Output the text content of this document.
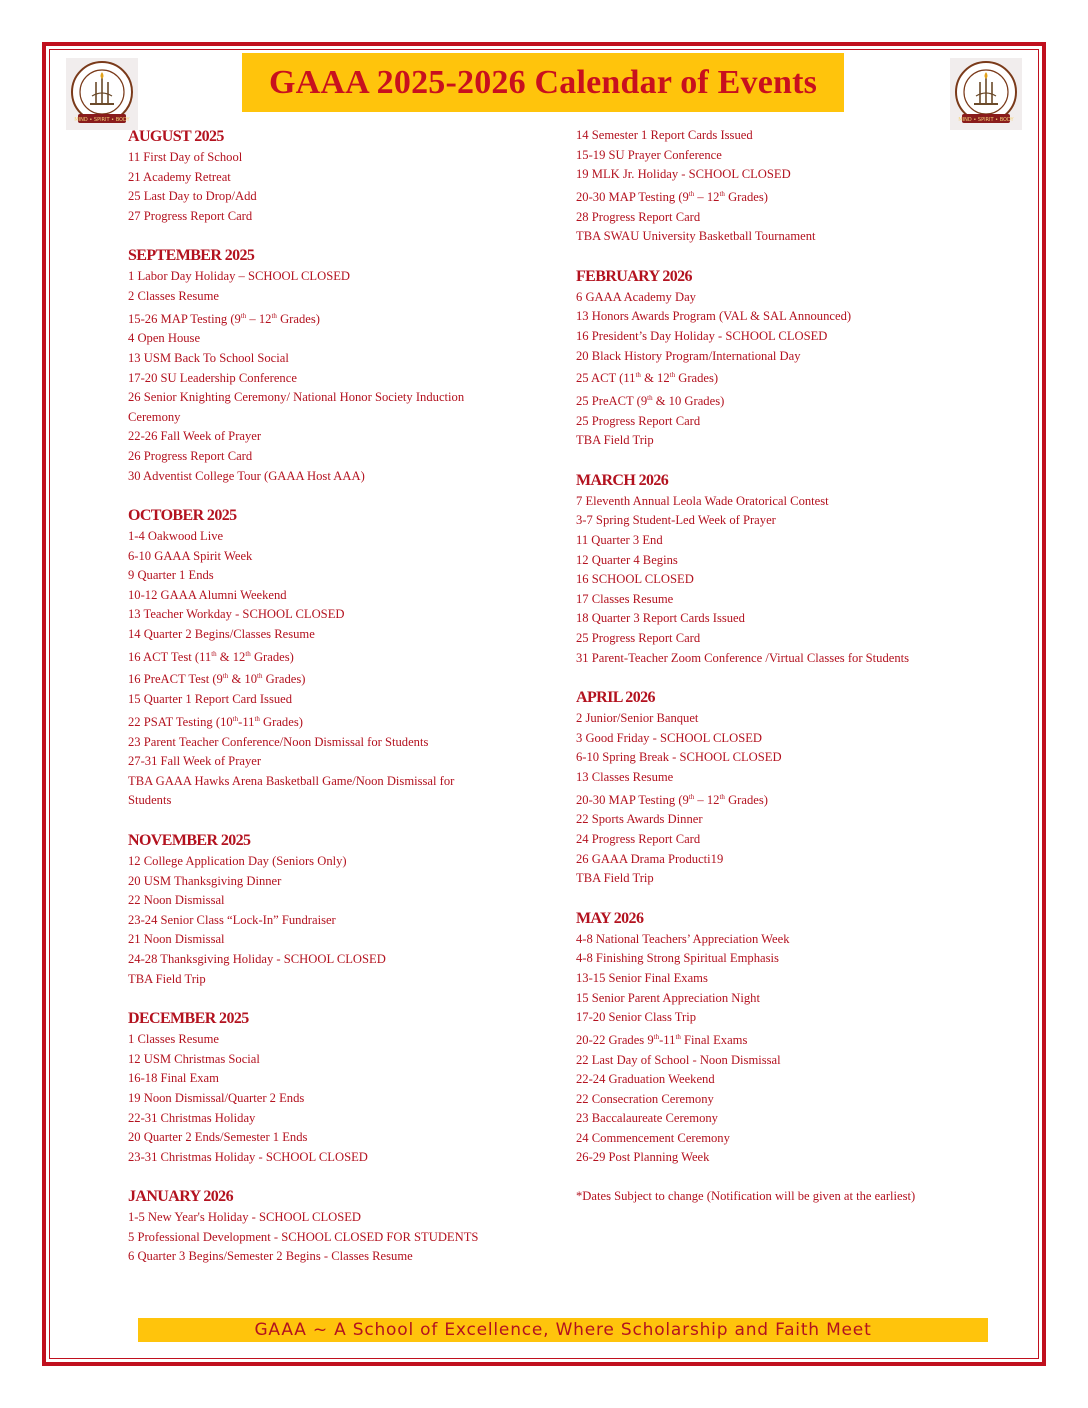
MIND • SPIRIT • BODY	MIND • SPIRIT • BODY
GAAA 2025-2026 Calendar of Events
AUGUST 2025
11 First Day of School
21 Academy Retreat
25 Last Day to Drop/Add
27 Progress Report Card
SEPTEMBER 2025
1 Labor Day Holiday – SCHOOL CLOSED
2 Classes Resume
15-26 MAP Testing (9th – 12th Grades)
4 Open House
13 USM Back To School Social
17-20 SU Leadership Conference
26 Senior Knighting Ceremony/ National Honor Society Induction Ceremony
22-26 Fall Week of Prayer
26 Progress Report Card
30 Adventist College Tour (GAAA Host AAA)
OCTOBER 2025
1-4 Oakwood Live
6-10 GAAA Spirit Week
9 Quarter 1 Ends
10-12 GAAA Alumni Weekend
13 Teacher Workday - SCHOOL CLOSED
14 Quarter 2 Begins/Classes Resume
16 ACT Test (11th & 12th Grades)
16 PreACT Test (9th & 10th Grades)
15 Quarter 1 Report Card Issued
22 PSAT Testing (10th-11th Grades)
23 Parent Teacher Conference/Noon Dismissal for Students
27-31 Fall Week of Prayer
TBA GAAA Hawks Arena Basketball Game/Noon Dismissal for Students
NOVEMBER 2025
12 College Application Day (Seniors Only)
20 USM Thanksgiving Dinner
22 Noon Dismissal
23-24 Senior Class “Lock-In” Fundraiser
21 Noon Dismissal
24-28 Thanksgiving Holiday - SCHOOL CLOSED
TBA Field Trip
DECEMBER 2025
1 Classes Resume
12 USM Christmas Social
16-18 Final Exam
19 Noon Dismissal/Quarter 2 Ends
22-31 Christmas Holiday
20 Quarter 2 Ends/Semester 1 Ends
23-31 Christmas Holiday - SCHOOL CLOSED
JANUARY 2026
1-5 New Year's Holiday - SCHOOL CLOSED
5 Professional Development - SCHOOL CLOSED FOR STUDENTS
6 Quarter 3 Begins/Semester 2 Begins - Classes Resume
14 Semester 1 Report Cards Issued
15-19 SU Prayer Conference
19 MLK Jr. Holiday - SCHOOL CLOSED
20-30 MAP Testing (9th – 12th Grades)
28 Progress Report Card
TBA SWAU University Basketball Tournament
FEBRUARY 2026
6 GAAA Academy Day
13 Honors Awards Program (VAL & SAL Announced)
16 President’s Day Holiday - SCHOOL CLOSED
20 Black History Program/International Day
25 ACT (11th & 12th Grades)
25 PreACT (9th & 10 Grades)
25 Progress Report Card
TBA Field Trip
MARCH 2026
7 Eleventh Annual Leola Wade Oratorical Contest
3-7 Spring Student-Led Week of Prayer
11 Quarter 3 End
12 Quarter 4 Begins
16 SCHOOL CLOSED
17 Classes Resume
18 Quarter 3 Report Cards Issued
25 Progress Report Card
31 Parent-Teacher Zoom Conference /Virtual Classes for Students
APRIL 2026
2 Junior/Senior Banquet
3 Good Friday - SCHOOL CLOSED
6-10 Spring Break - SCHOOL CLOSED
13 Classes Resume
20-30 MAP Testing (9th – 12th Grades)
22 Sports Awards Dinner
24 Progress Report Card
26 GAAA Drama Producti19
TBA Field Trip
MAY 2026
4-8 National Teachers’ Appreciation Week
4-8 Finishing Strong Spiritual Emphasis
13-15 Senior Final Exams
15 Senior Parent Appreciation Night
17-20 Senior Class Trip
20-22 Grades 9th-11th Final Exams
22 Last Day of School - Noon Dismissal
22-24 Graduation Weekend
22 Consecration Ceremony
23 Baccalaureate Ceremony
24 Commencement Ceremony
26-29 Post Planning Week
*Dates Subject to change (Notification will be given at the earliest)
GAAA ~ A School of Excellence, Where Scholarship and Faith Meet
